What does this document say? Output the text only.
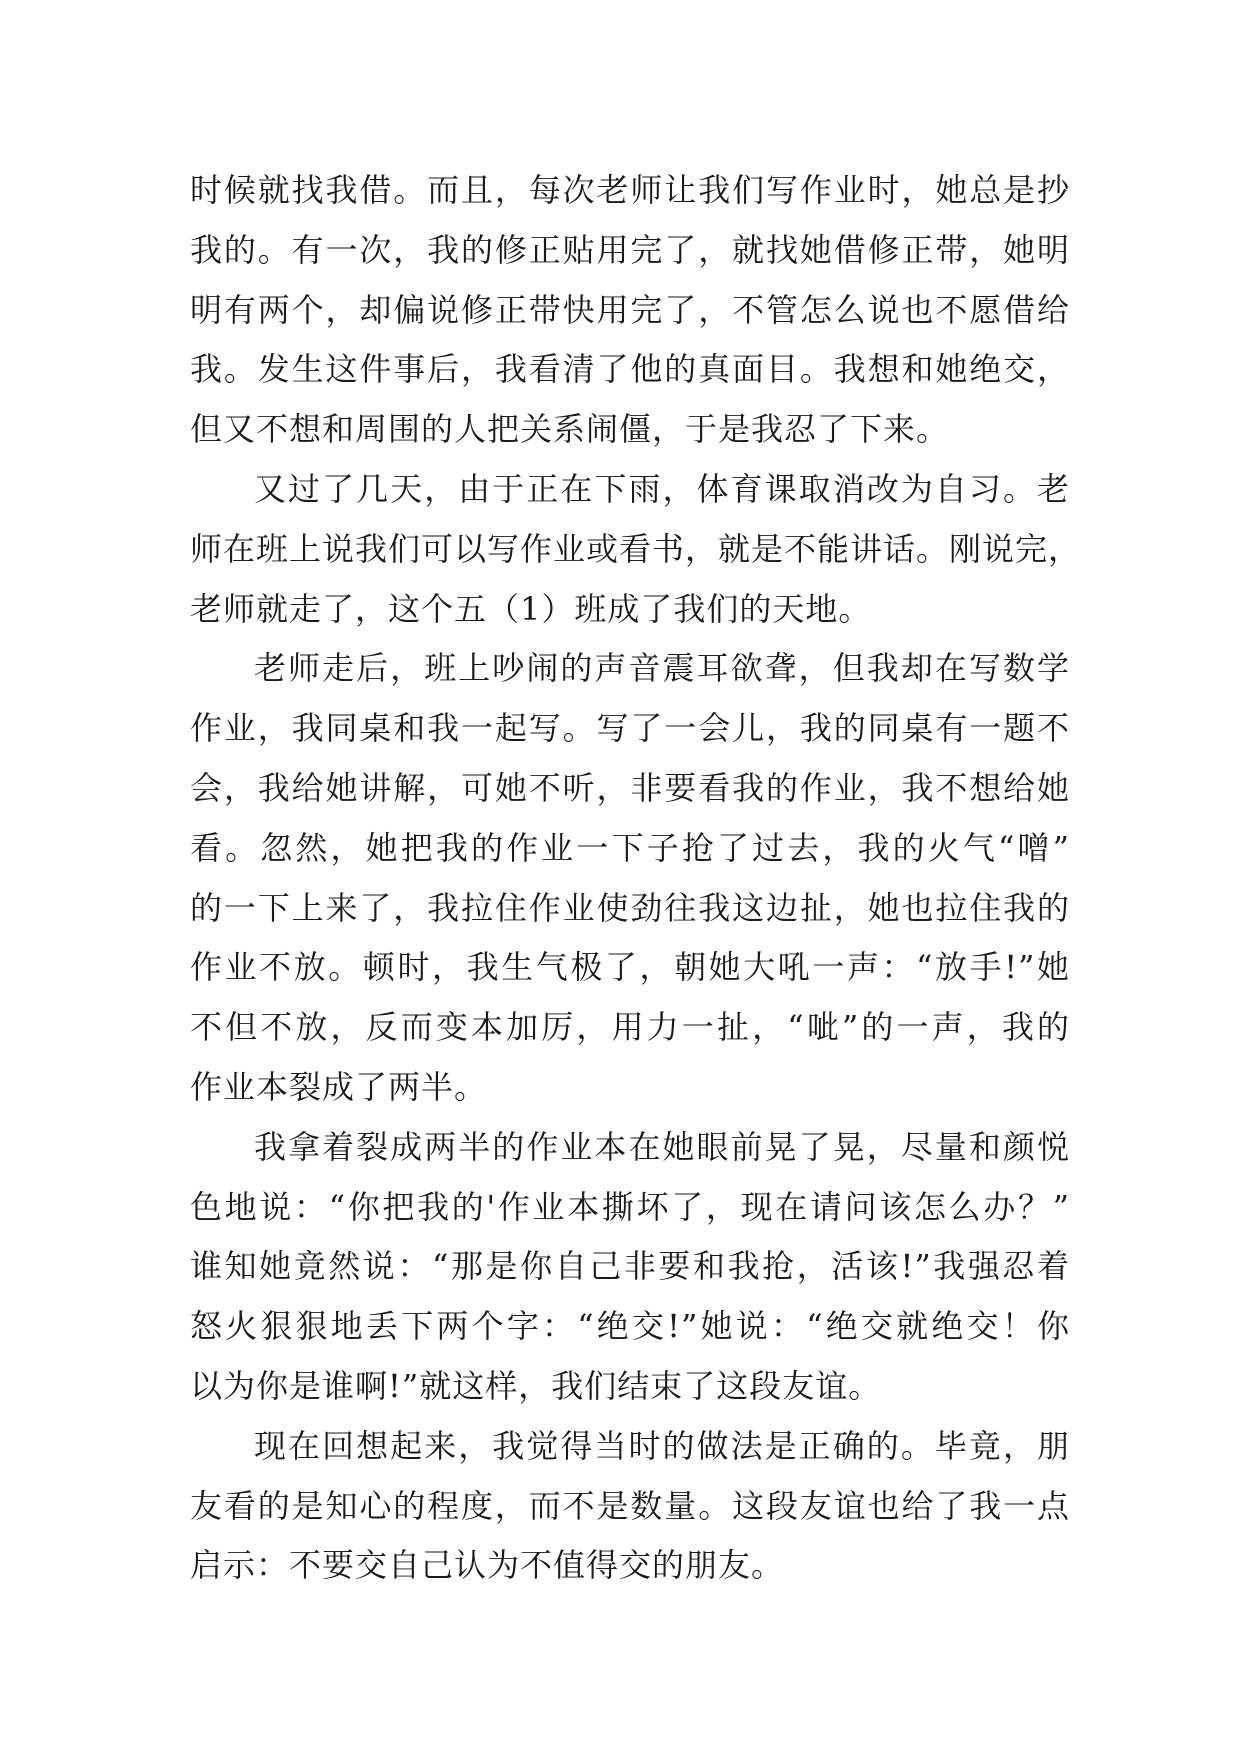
时候就找我借。而且，每次老师让我们写作业时，她总是抄
我的。有一次，我的修正贴用完了，就找她借修正带，她明
明有两个，却偏说修正带快用完了，不管怎么说也不愿借给
我。发生这件事后，我看清了他的真面目。我想和她绝交，
但又不想和周围的人把关系闹僵，于是我忍了下来。
又过了几天，由于正在下雨，体育课取消改为自习。老
师在班上说我们可以写作业或看书，就是不能讲话。刚说完，
老师就走了，这个五（1）班成了我们的天地。
老师走后，班上吵闹的声音震耳欲聋，但我却在写数学
作业，我同桌和我一起写。写了一会儿，我的同桌有一题不
会，我给她讲解，可她不听，非要看我的作业，我不想给她
看。忽然，她把我的作业一下子抢了过去，我的火气“噌”
的一下上来了，我拉住作业使劲往我这边扯，她也拉住我的
作业不放。顿时，我生气极了，朝她大吼一声：“放手!”她
不但不放，反而变本加厉，用力一扯，“呲”的一声，我的
作业本裂成了两半。
我拿着裂成两半的作业本在她眼前晃了晃，尽量和颜悦
色地说：“你把我的'作业本撕坏了，现在请问该怎么办？”
谁知她竟然说：“那是你自己非要和我抢，活该!”我强忍着
怒火狠狠地丢下两个字：“绝交!”她说：“绝交就绝交！你
以为你是谁啊!”就这样，我们结束了这段友谊。
现在回想起来，我觉得当时的做法是正确的。毕竟，朋
友看的是知心的程度，而不是数量。这段友谊也给了我一点
启示：不要交自己认为不值得交的朋友。
